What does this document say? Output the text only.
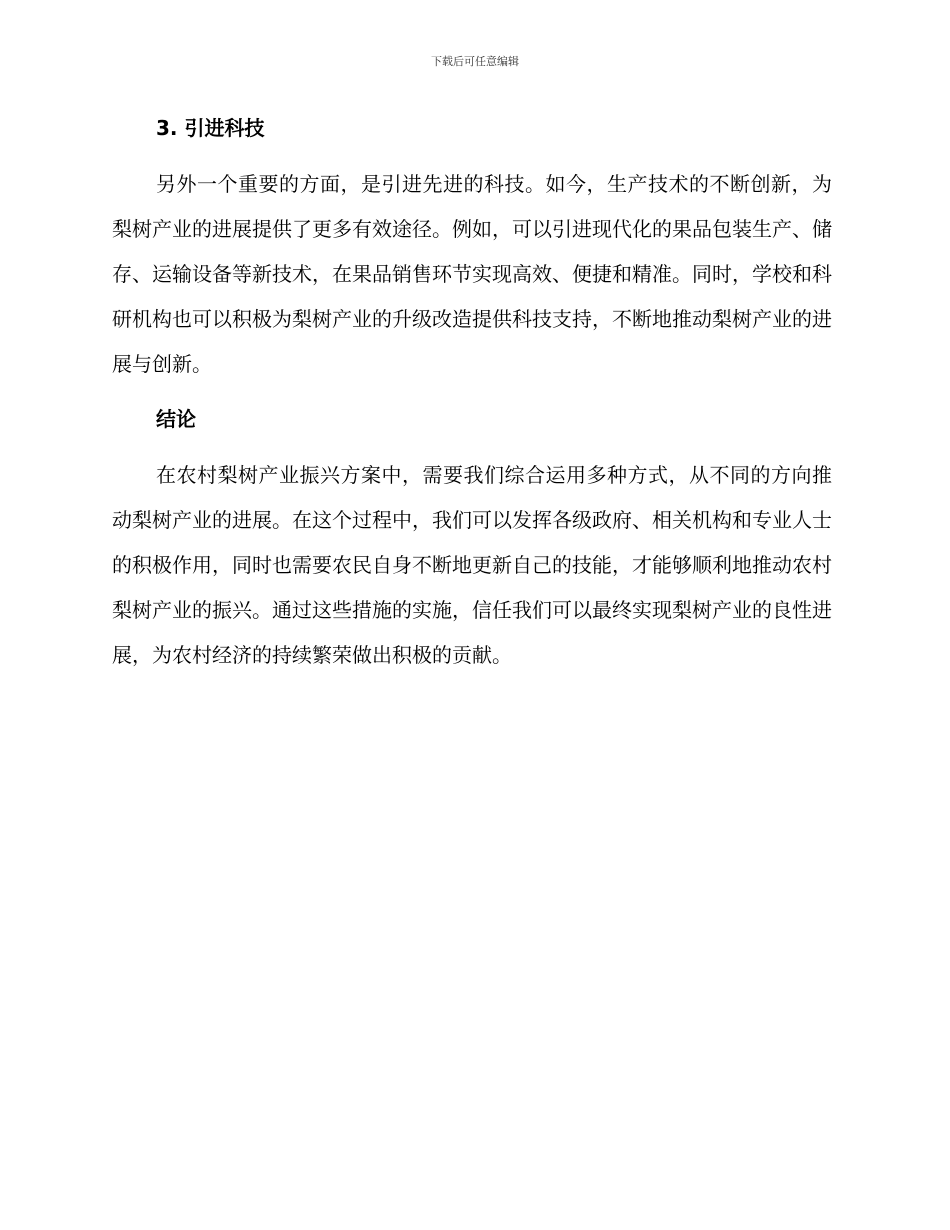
下载后可任意编辑
3. 引进科技

另外一个重要的方面，是引进先进的科技。如今，生产技术的不断创新，为梨树产业的进展提供了更多有效途径。例如，可以引进现代化的果品包装生产、储存、运输设备等新技术，在果品销售环节实现高效、便捷和精准。同时，学校和科研机构也可以积极为梨树产业的升级改造提供科技支持，不断地推动梨树产业的进展与创新。

结论

在农村梨树产业振兴方案中，需要我们综合运用多种方式，从不同的方向推动梨树产业的进展。在这个过程中，我们可以发挥各级政府、相关机构和专业人士的积极作用，同时也需要农民自身不断地更新自己的技能，才能够顺利地推动农村梨树产业的振兴。通过这些措施的实施，信任我们可以最终实现梨树产业的良性进展，为农村经济的持续繁荣做出积极的贡献。
